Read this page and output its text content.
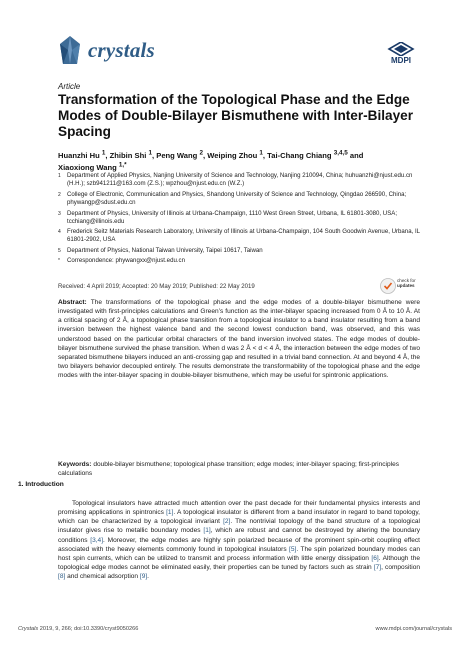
crystals	MDPI
Article
Transformation of the Topological Phase and the Edge Modes of Double-Bilayer Bismuthene with Inter-Bilayer Spacing
Huanzhi Hu $^1$, Zhibin Shi $^1$, Peng Wang $^2$, Weiping Zhou $^1$, Tai-Chang Chiang $^{3,4,5}$ and
Xiaoxiong Wang $^{1,*}$
1 Department of Applied Physics, Nanjing University of Science and Technology, Nanjing 210094, China; huhuanzhi@njust.edu.cn (H.H.); szb941211@163.com (Z.S.); wpzhou@njust.edu.cn (W.Z.)
2 College of Electronic, Communication and Physics, Shandong University of Science and Technology, Qingdao 266590, China; phywangp@sdust.edu.cn
3 Department of Physics, University of Illinois at Urbana-Champaign, 1110 West Green Street, Urbana, IL 61801-3080, USA; tcchiang@illinois.edu
4 Frederick Seitz Materials Research Laboratory, University of Illinois at Urbana-Champaign, 104 South Goodwin Avenue, Urbana, IL 61801-2902, USA
5 Department of Physics, National Taiwan University, Taipei 10617, Taiwan
* Correspondence: phywangxx@njust.edu.cn
Received: 4 April 2019; Accepted: 20 May 2019; Published: 22 May 2019
check for
updates

Abstract: The transformations of the topological phase and the edge modes of a double-bilayer bismuthene were investigated with first-principles calculations and Green’s function as the inter-bilayer spacing increased from 0 Å to 10 Å. At a critical spacing of 2 Å, a topological phase transition from a topological insulator to a band insulator resulting from a band inversion between the highest valence band and the second lowest conduction band, was observed, and this was understood based on the particular orbital characters of the band inversion involved states. The edge modes of double-bilayer bismuthene survived the phase transition. When d was 2 Å < d < 4 Å, the interaction between the edge modes of two separated bismuthene bilayers induced an anti-crossing gap and resulted in a trivial band connection. At and beyond 4 Å, the two bilayers behavior decoupled entirely. The results demonstrate the transformability of the topological phase and the edge modes with the inter-bilayer spacing in double-bilayer bismuthene, which may be useful for spintronic applications.

Keywords: double-bilayer bismuthene; topological phase transition; edge modes; inter-bilayer spacing; first-principles calculations

1. Introduction

Topological insulators have attracted much attention over the past decade for their fundamental physics interests and promising applications in spintronics [1]. A topological insulator is different from a band insulator in regard to band topology, which can be characterized by a topological invariant [2]. The nontrivial topology of the band structure of a topological insulator gives rise to metallic boundary modes [1], which are robust and cannot be destroyed by altering the boundary conditions [3,4]. Moreover, the edge modes are highly spin polarized because of the prominent spin-orbit coupling effect associated with the heavy elements commonly found in topological insulators [5]. The spin polarized boundary modes can host spin currents, which can be utilized to transmit and process information with little energy dissipation [6]. Although the topological edge modes cannot be eliminated easily, their properties can be tuned by factors such as strain [7], composition [8] and chemical adsorption [9].

Crystals 2019, 9, 266; doi:10.3390/cryst9050266	www.mdpi.com/journal/crystals
